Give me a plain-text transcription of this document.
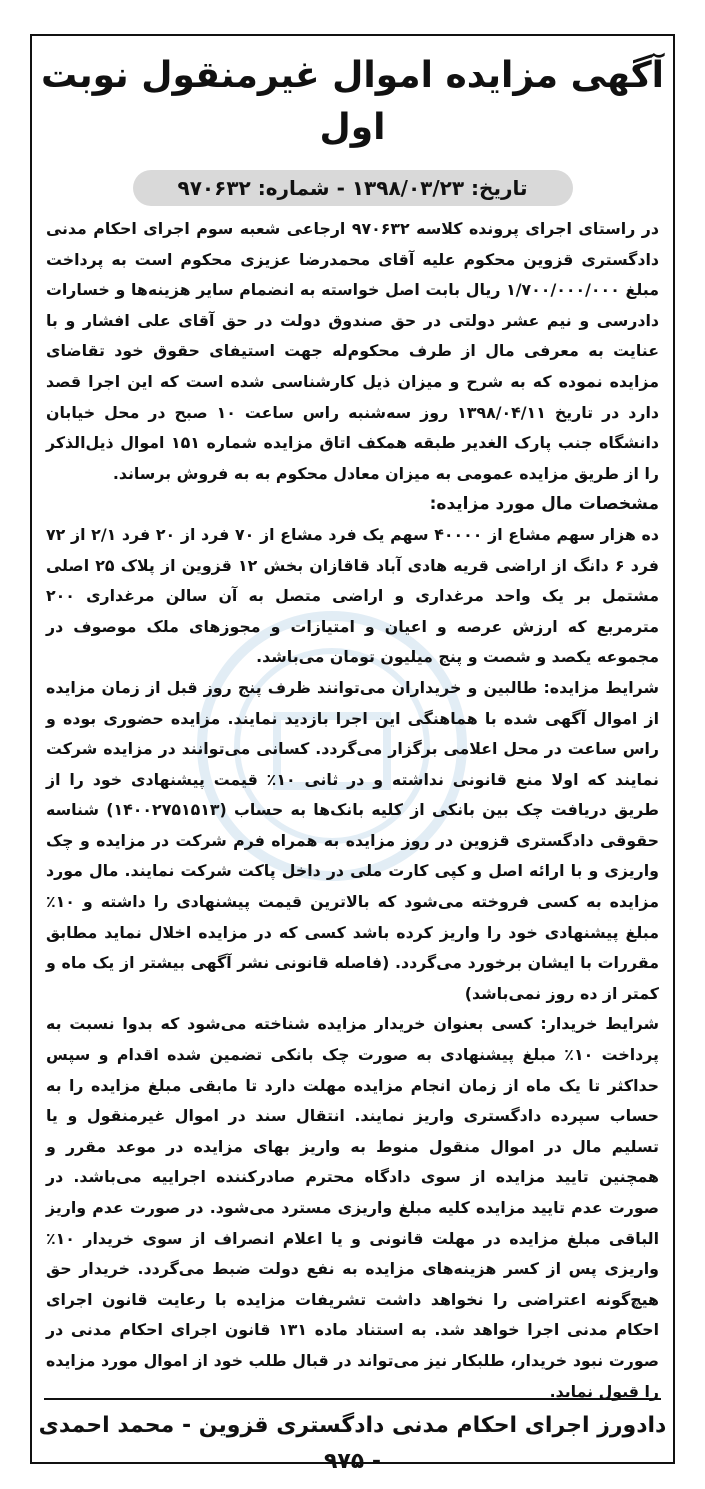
آگهی مزایده اموال غیرمنقول نوبت اول
تاریخ: ۱۳۹۸/۰۳/۲۳ - شماره: ۹۷۰۶۳۲

در راستای اجرای پرونده کلاسه ۹۷۰۶۳۲ ارجاعی شعبه سوم اجرای احکام مدنی دادگستری قزوین محکوم علیه آقای محمدرضا عزیزی محکوم است به پرداخت مبلغ ۱/۷۰۰/۰۰۰/۰۰۰ ریال بابت اصل خواسته به انضمام سایر هزینه‌ها و خسارات دادرسی و نیم عشر دولتی در حق صندوق دولت در حق آقای علی افشار و با عنایت به معرفی مال از طرف محکوم‌له جهت استیفای حقوق خود تقاضای مزایده نموده که به شرح و میزان ذیل کارشناسی شده است که این اجرا قصد دارد در تاریخ ۱۳۹۸/۰۴/۱۱ روز سه‌شنبه راس ساعت ۱۰ صبح در محل خیابان دانشگاه جنب پارک الغدیر طبقه همکف اتاق مزایده شماره ۱۵۱ اموال ذیل‌الذکر را از طریق مزایده عمومی به میزان معادل محکوم به به فروش برساند.

مشخصات مال مورد مزایده:

ده هزار سهم مشاع از ۴۰۰۰۰ سهم یک فرد مشاع از ۷۰ فرد از ۲۰ فرد ۲/۱ از ۷۲ فرد ۶ دانگ از اراضی قریه هادی آباد قاقازان بخش ۱۲ قزوین از پلاک ۲۵ اصلی مشتمل بر یک واحد مرغداری و اراضی متصل به آن سالن مرغداری ۲۰۰ مترمربع که ارزش عرصه و اعیان و امتیازات و مجوزهای ملک موصوف در مجموعه یکصد و شصت و پنج میلیون تومان می‌باشد.

شرایط مزایده: طالبین و خریداران می‌توانند ظرف پنج روز قبل از زمان مزایده از اموال آگهی شده با هماهنگی این اجرا بازدید نمایند. مزایده حضوری بوده و راس ساعت در محل اعلامی برگزار می‌گردد. کسانی می‌توانند در مزایده شرکت نمایند که اولا منع قانونی نداشته و در ثانی ۱۰٪ قیمت پیشنهادی خود را از طریق دریافت چک بین بانکی از کلیه بانک‌ها به حساب (۱۴۰۰۲۷۵۱۵۱۳) شناسه حقوقی دادگستری قزوین در روز مزایده به همراه فرم شرکت در مزایده و چک واریزی و با ارائه اصل و کپی کارت ملی در داخل پاکت شرکت نمایند. مال مورد مزایده به کسی فروخته می‌شود که بالاترین قیمت پیشنهادی را داشته و ۱۰٪ مبلغ پیشنهادی خود را واریز کرده باشد کسی که در مزایده اخلال نماید مطابق مقررات با ایشان برخورد می‌گردد. (فاصله قانونی نشر آگهی بیشتر از یک ماه و کمتر از ده روز نمی‌باشد)

شرایط خریدار: کسی بعنوان خریدار مزایده شناخته می‌شود که بدوا نسبت به پرداخت ۱۰٪ مبلغ پیشنهادی به صورت چک بانکی تضمین شده اقدام و سپس حداکثر تا یک ماه از زمان انجام مزایده مهلت دارد تا مابقی مبلغ مزایده را به حساب سپرده دادگستری واریز نمایند. انتقال سند در اموال غیرمنقول و یا تسلیم مال در اموال منقول منوط به واریز بهای مزایده در موعد مقرر و همچنین تایید مزایده از سوی دادگاه محترم صادرکننده اجراییه می‌باشد. در صورت عدم تایید مزایده کلیه مبلغ واریزی مسترد می‌شود. در صورت عدم واریز الباقی مبلغ مزایده در مهلت قانونی و یا اعلام انصراف از سوی خریدار ۱۰٪ واریزی پس از کسر هزینه‌های مزایده به نفع دولت ضبط می‌گردد. خریدار حق هیچ‌گونه اعتراضی را نخواهد داشت تشریفات مزایده با رعایت قانون اجرای احکام مدنی اجرا خواهد شد. به استناد ماده ۱۳۱ قانون اجرای احکام مدنی در صورت نبود خریدار، طلبکار نیز می‌تواند در قبال طلب خود از اموال مورد مزایده را قبول نماید.

دادورز اجرای احکام مدنی دادگستری قزوین - محمد احمدی - ۹۷۵
